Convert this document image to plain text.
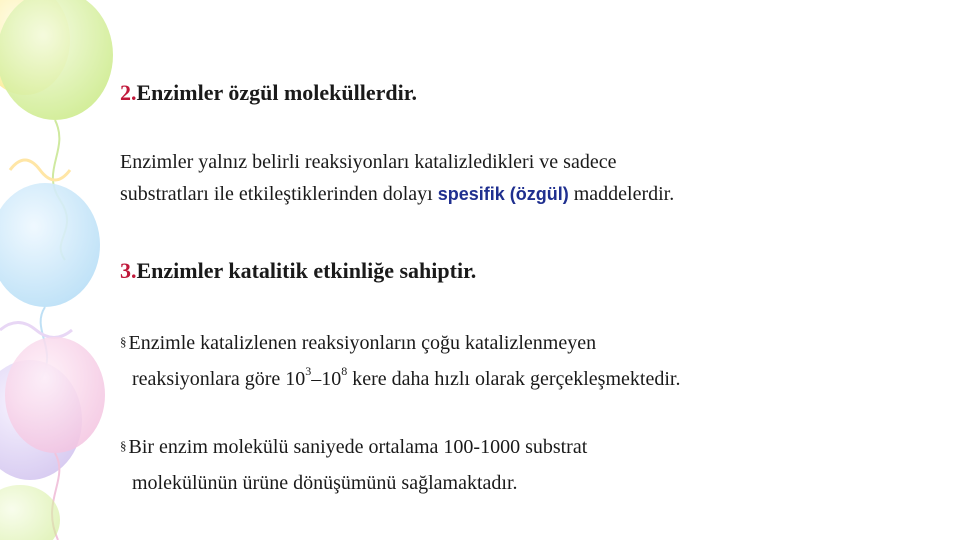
2.Enzimler özgül moleküllerdir.
Enzimler yalnız belirli reaksiyonları katalizledikleri ve sadece
substratları ile etkileştiklerinden dolayı spesifik (özgül) maddelerdir.
3.Enzimler katalitik etkinliğe sahiptir.
§ Enzimle katalizlenen reaksiyonların çoğu katalizlenmeyen
reaksiyonlara göre $10^3-10^8$ kere daha hızlı olarak gerçekleşmektedir.
§ Bir enzim molekülü saniyede ortalama 100-1000 substrat
molekülünün ürüne dönüşümünü sağlamaktadır.
